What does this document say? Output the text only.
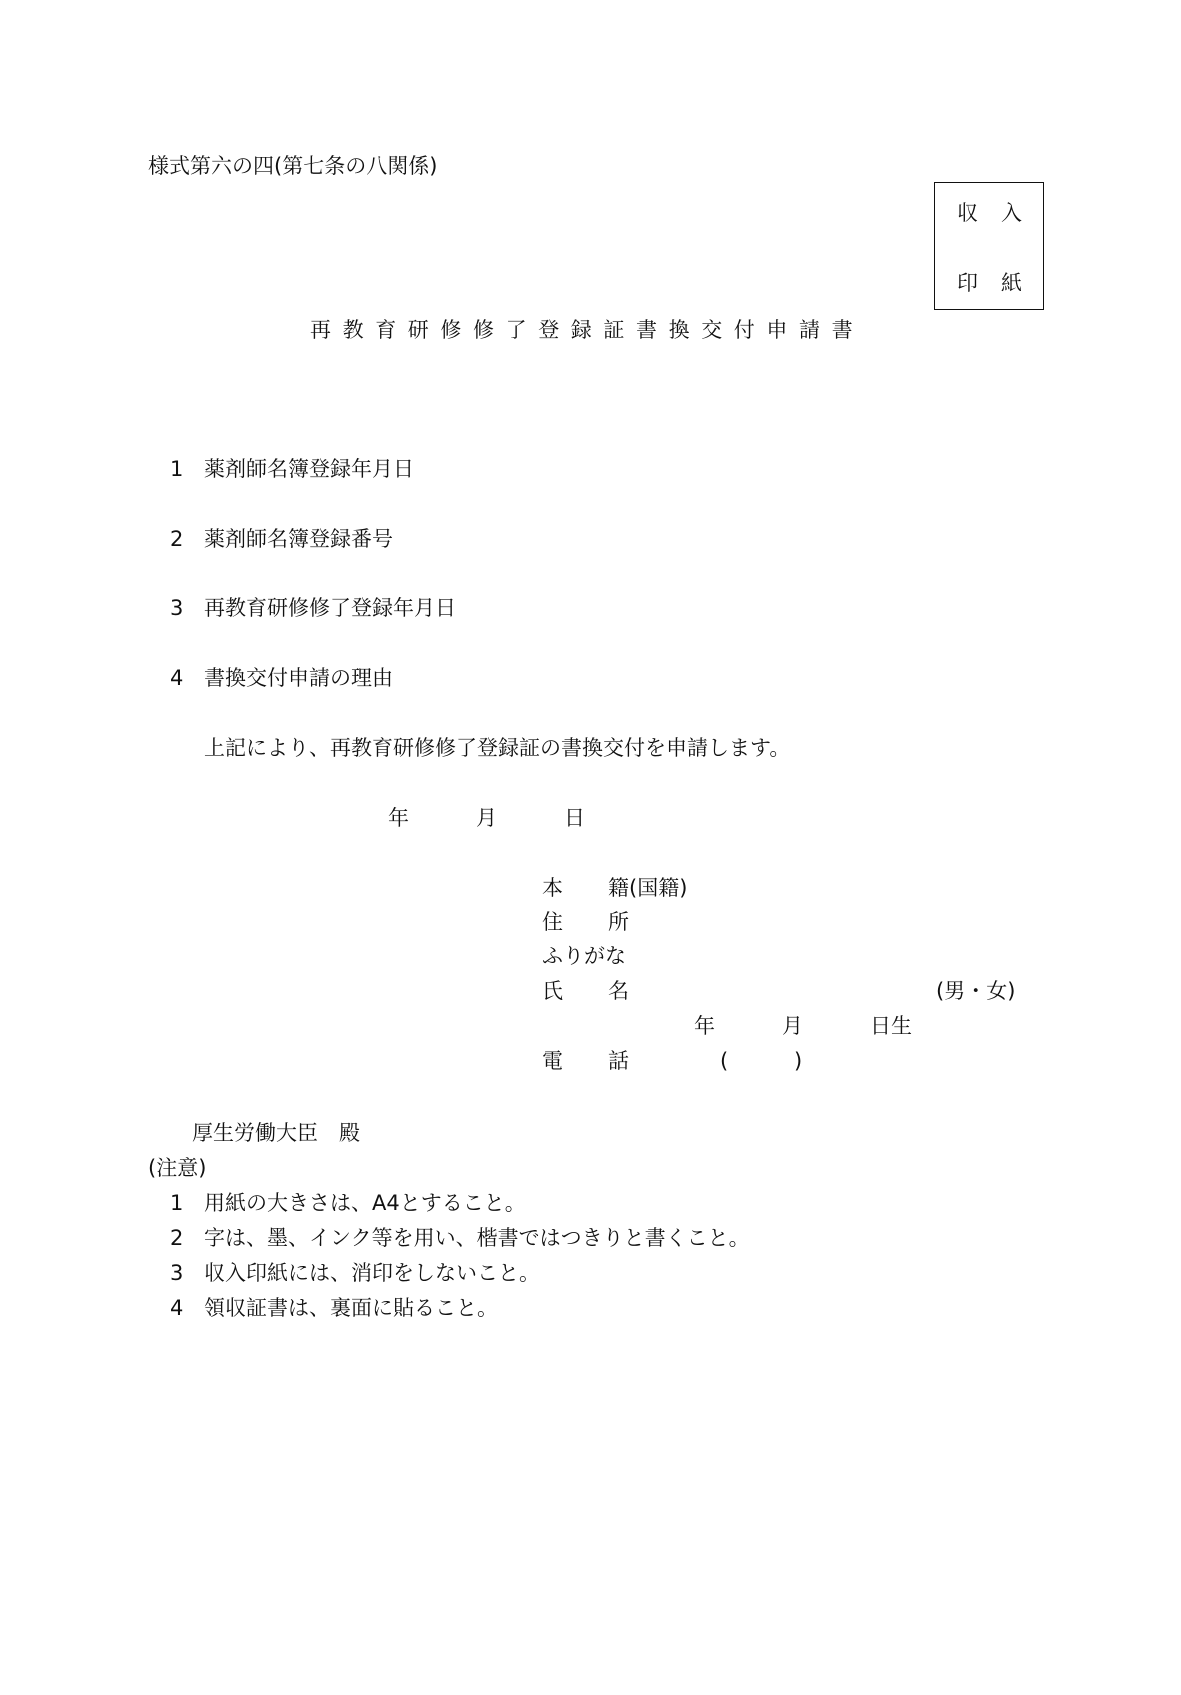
様式第六の四(第七条の八関係)
収 入
印 紙
再教育研修修了登録証書換交付申請書
1 薬剤師名簿登録年月日
2 薬剤師名簿登録番号
3 再教育研修修了登録年月日
4 書換交付申請の理由
上記により、再教育研修修了登録証の書換交付を申請します。
年	月	日
本 籍(国籍)
住 所
ふりがな
氏 名	(男・女)
年	月	日生
電 話	(	)
厚生労働大臣　殿
(注意)
1 用紙の大きさは、A4とすること。
2 字は、墨、インク等を用い、楷書ではつきりと書くこと。
3 収入印紙には、消印をしないこと。
4 領収証書は、裏面に貼ること。
